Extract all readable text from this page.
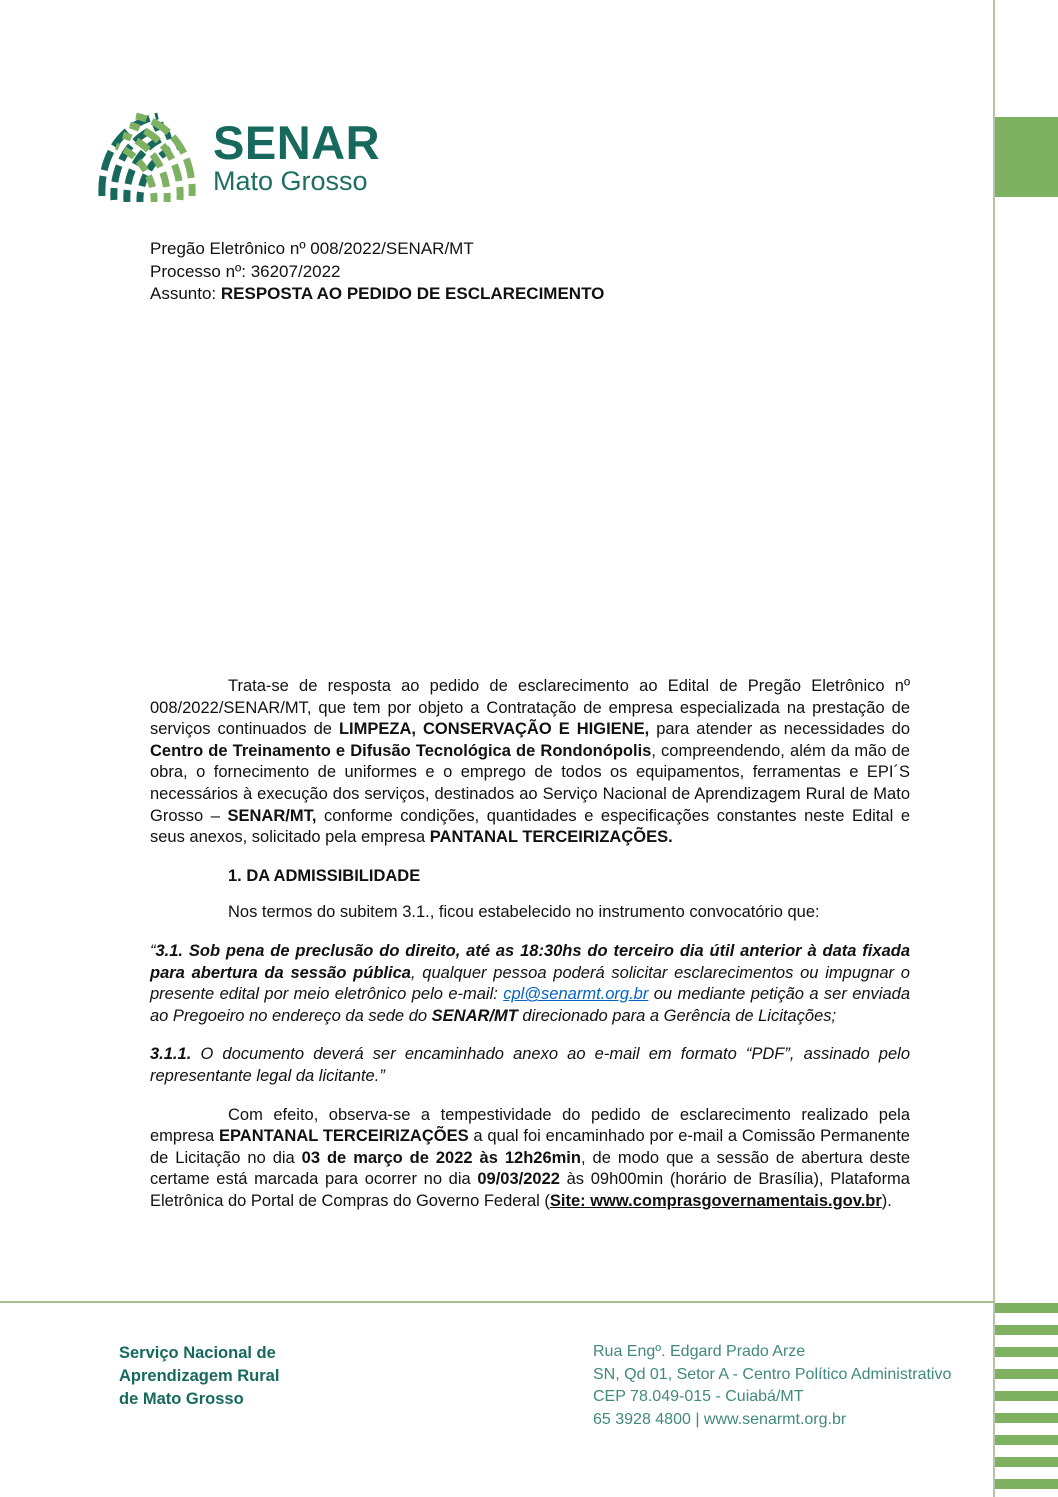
SENAR
Mato Grosso
Pregão Eletrônico nº 008/2022/SENAR/MT
Processo nº: 36207/2022
Assunto: RESPOSTA AO PEDIDO DE ESCLARECIMENTO
Trata-se de resposta ao pedido de esclarecimento ao Edital de Pregão Eletrônico nº 008/2022/SENAR/MT, que tem por objeto a Contratação de empresa especializada na prestação de serviços continuados de LIMPEZA, CONSERVAÇÃO E HIGIENE, para atender as necessidades do Centro de Treinamento e Difusão Tecnológica de Rondonópolis, compreendendo, além da mão de obra, o fornecimento de uniformes e o emprego de todos os equipamentos, ferramentas e EPI´S necessários à execução dos serviços, destinados ao Serviço Nacional de Aprendizagem Rural de Mato Grosso – SENAR/MT, conforme condições, quantidades e especificações constantes neste Edital e seus anexos, solicitado pela empresa PANTANAL TERCEIRIZAÇÕES.
1. DA ADMISSIBILIDADE
Nos termos do subitem 3.1., ficou estabelecido no instrumento convocatório que:
“3.1. Sob pena de preclusão do direito, até as 18:30hs do terceiro dia útil anterior à data fixada para abertura da sessão pública, qualquer pessoa poderá solicitar esclarecimentos ou impugnar o presente edital por meio eletrônico pelo e-mail: cpl@senarmt.org.br ou mediante petição a ser enviada ao Pregoeiro no endereço da sede do SENAR/MT direcionado para a Gerência de Licitações;
3.1.1. O documento deverá ser encaminhado anexo ao e-mail em formato “PDF”, assinado pelo representante legal da licitante.”
Com efeito, observa-se a tempestividade do pedido de esclarecimento realizado pela empresa EPANTANAL TERCEIRIZAÇÕES a qual foi encaminhado por e-mail a Comissão Permanente de Licitação no dia 03 de março de 2022 às 12h26min, de modo que a sessão de abertura deste certame está marcada para ocorrer no dia 09/03/2022 às 09h00min (horário de Brasília), Plataforma Eletrônica do Portal de Compras do Governo Federal (Site: www.comprasgovernamentais.gov.br).
Serviço Nacional de
Aprendizagem Rural
de Mato Grosso
Rua Engº. Edgard Prado Arze
SN, Qd 01, Setor A - Centro Político Administrativo
CEP 78.049-015 - Cuiabá/MT
65 3928 4800 | www.senarmt.org.br
